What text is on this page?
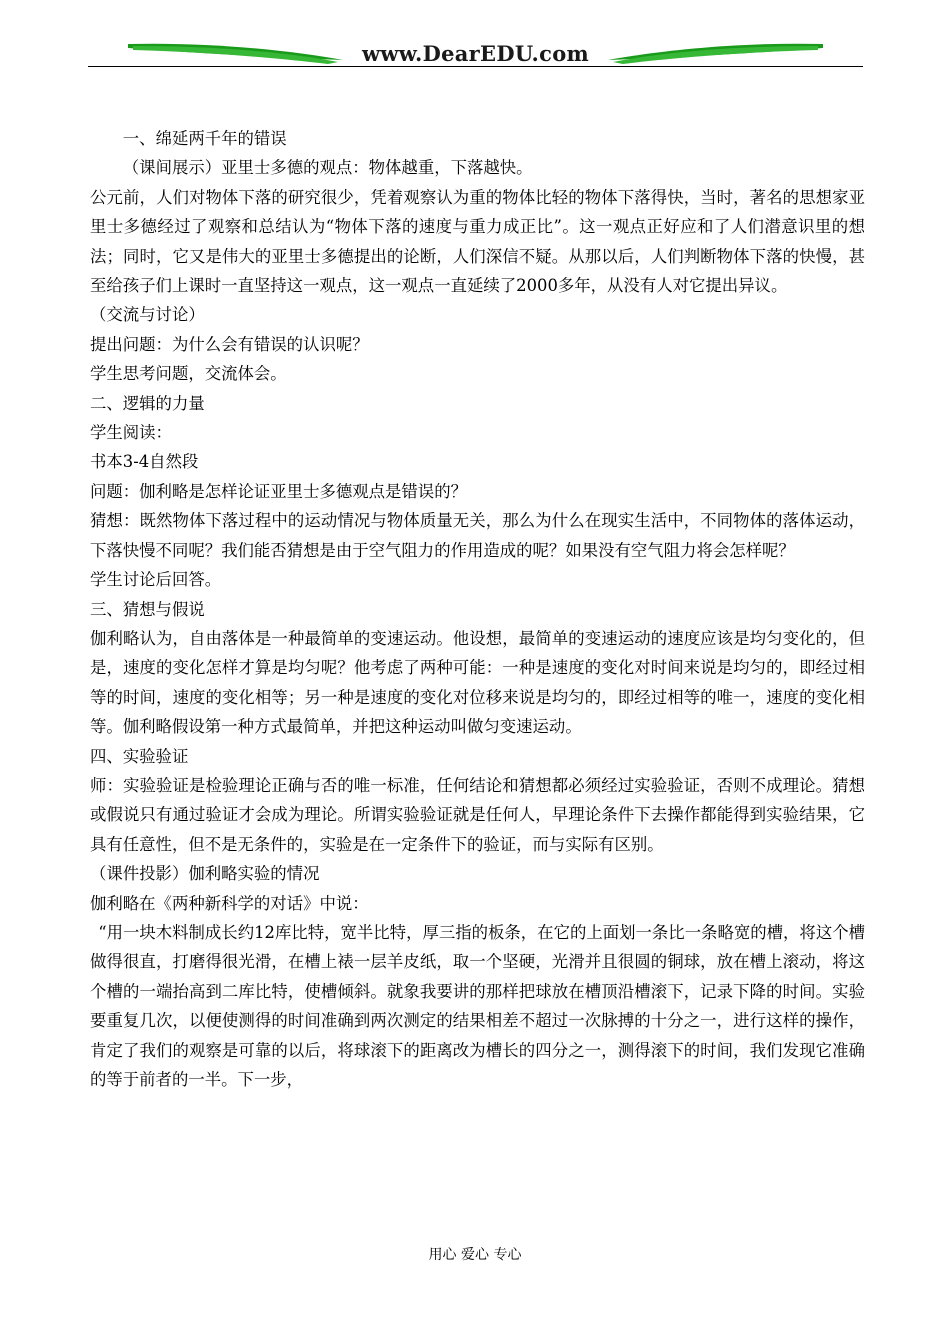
www.DearEDU.com

一、绵延两千年的错误

（课间展示）亚里士多德的观点：物体越重，下落越快。

公元前，人们对物体下落的研究很少，凭着观察认为重的物体比轻的物体下落得快，当时，著名的思想家亚里士多德经过了观察和总结认为“物体下落的速度与重力成正比”。这一观点正好应和了人们潜意识里的想法；同时，它又是伟大的亚里士多德提出的论断，人们深信不疑。从那以后，人们判断物体下落的快慢，甚至给孩子们上课时一直坚持这一观点，这一观点一直延续了2000多年，从没有人对它提出异议。

（交流与讨论）

提出问题：为什么会有错误的认识呢？

学生思考问题，交流体会。

二、逻辑的力量

学生阅读：

书本3-4自然段

问题：伽利略是怎样论证亚里士多德观点是错误的？

猜想：既然物体下落过程中的运动情况与物体质量无关，那么为什么在现实生活中，不同物体的落体运动，下落快慢不同呢？我们能否猜想是由于空气阻力的作用造成的呢？如果没有空气阻力将会怎样呢？

学生讨论后回答。

三、猜想与假说

伽利略认为，自由落体是一种最简单的变速运动。他设想，最简单的变速运动的速度应该是均匀变化的，但是，速度的变化怎样才算是均匀呢？他考虑了两种可能：一种是速度的变化对时间来说是均匀的，即经过相等的时间，速度的变化相等；另一种是速度的变化对位移来说是均匀的，即经过相等的唯一，速度的变化相等。伽利略假设第一种方式最简单，并把这种运动叫做匀变速运动。

四、实验验证

师：实验验证是检验理论正确与否的唯一标准，任何结论和猜想都必须经过实验验证，否则不成理论。猜想或假说只有通过验证才会成为理论。所谓实验验证就是任何人，早理论条件下去操作都能得到实验结果，它具有任意性，但不是无条件的，实验是在一定条件下的验证，而与实际有区别。

（课件投影）伽利略实验的情况

伽利略在《两种新科学的对话》中说：

“用一块木料制成长约12库比特，宽半比特，厚三指的板条，在它的上面划一条比一条略宽的槽，将这个槽做得很直，打磨得很光滑，在槽上裱一层羊皮纸，取一个坚硬，光滑并且很圆的铜球，放在槽上滚动，将这个槽的一端抬高到二库比特，使槽倾斜。就象我要讲的那样把球放在槽顶沿槽滚下，记录下降的时间。实验要重复几次，以便使测得的时间准确到两次测定的结果相差不超过一次脉搏的十分之一，进行这样的操作，肯定了我们的观察是可靠的以后，将球滚下的距离改为槽长的四分之一，测得滚下的时间，我们发现它准确的等于前者的一半。下一步，

用心 爱心 专心
